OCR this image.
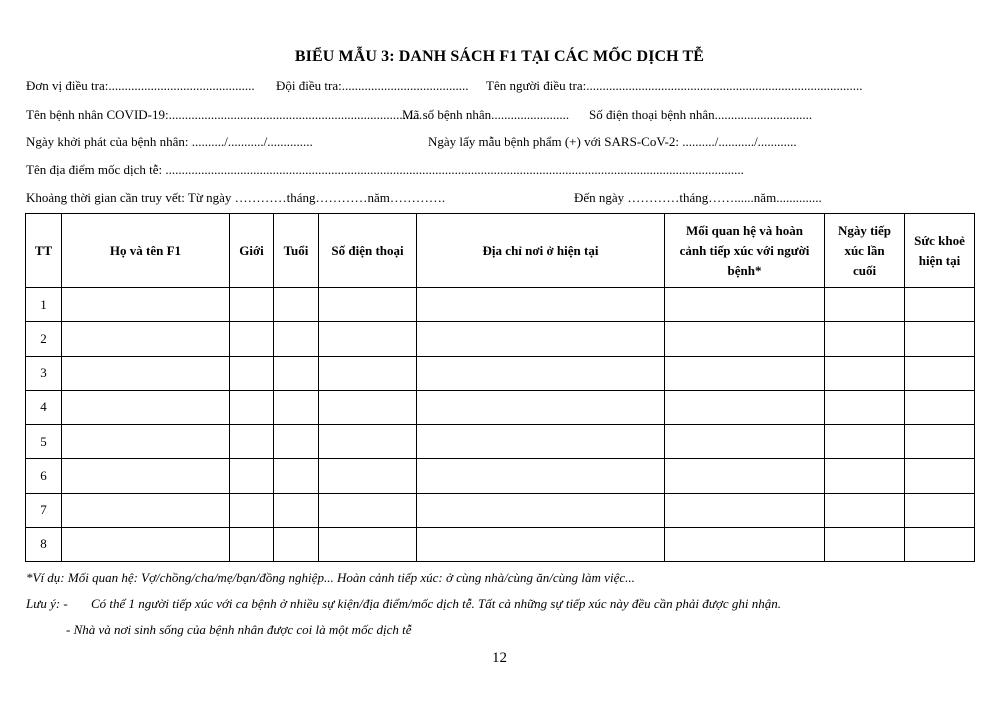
BIỂU MẪU 3: DANH SÁCH F1 TẠI CÁC MỐC DỊCH TỄ
Đơn vị điều tra:............................................. Đội điều tra:....................................... Tên người điều tra:.....................................................................................
Tên bệnh nhân COVID-19:..............................................................................
Mã số bệnh nhân........................ Số điện thoại bệnh nhân..............................
Ngày khởi phát của bệnh nhân: ........../.........../..............	Ngày lấy mẫu bệnh phẩm (+) với SARS-CoV-2: ........../.........../............
Tên địa điểm mốc dịch tễ: ..................................................................................................................................................................................
Khoảng thời gian cần truy vết: Từ ngày …………tháng…………năm………….	Đến ngày …………tháng……......năm..............
TT	Họ và tên F1	Giới	Tuổi	Số điện thoại	Địa chỉ nơi ở hiện tại	Mối quan hệ và hoàn cảnh tiếp xúc với người bệnh*	Ngày tiếp xúc lần cuối	Sức khoẻ hiện tại
1								
2								
3								
4								
5								
6								
7								
8								
*Ví dụ: Mối quan hệ: Vợ/chồng/cha/mẹ/bạn/đồng nghiệp... Hoàn cảnh tiếp xúc: ở cùng nhà/cùng ăn/cùng làm việc...
Lưu ý: - Có thể 1 người tiếp xúc với ca bệnh ở nhiều sự kiện/địa điểm/mốc dịch tễ. Tất cả những sự tiếp xúc này đều cần phải được ghi nhận.
- Nhà và nơi sinh sống của bệnh nhân được coi là một mốc dịch tễ
12
